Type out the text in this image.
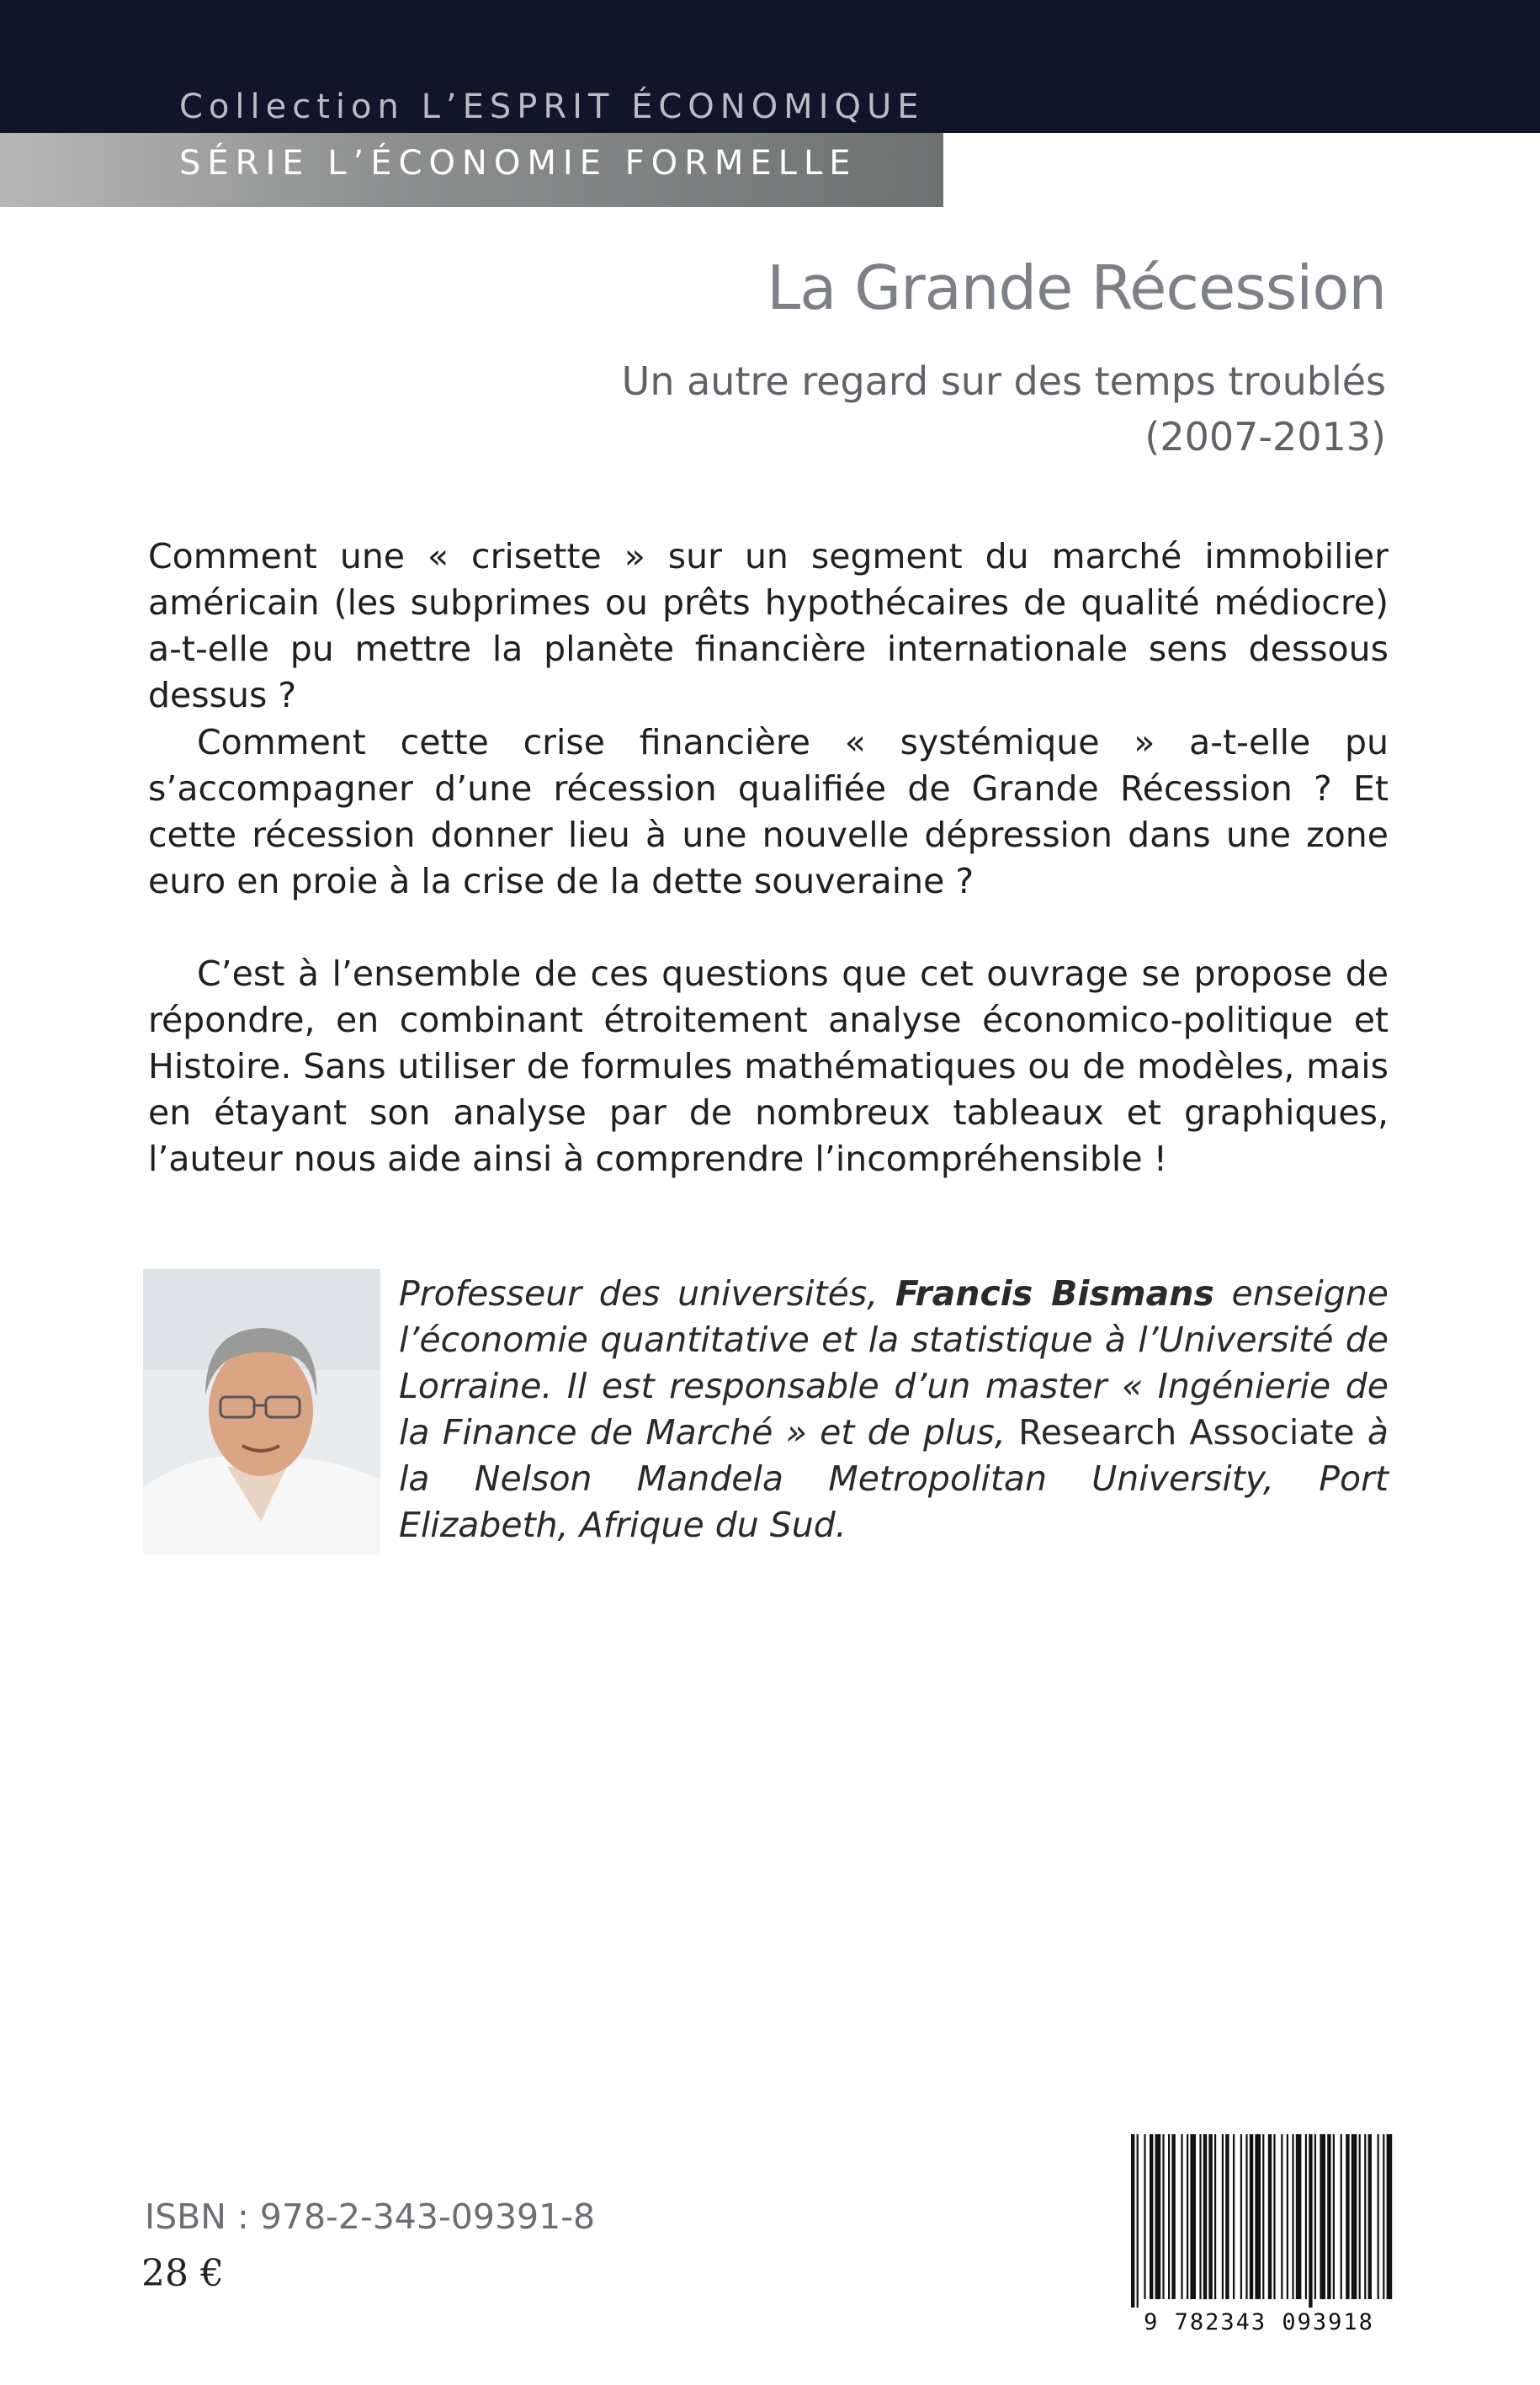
Collection L’ESPRIT ÉCONOMIQUE
SÉRIE L’ÉCONOMIE FORMELLE
La Grande Récession
Un autre regard sur des temps troublés
(2007-2013)
Comment une « crisette » sur un segment du marché immobilier américain (les subprimes ou prêts hypothécaires de qualité médiocre) a-t-elle pu mettre la planète financière internationale sens dessous dessus ?
Comment cette crise financière « systémique » a-t-elle pu s’accompagner d’une récession qualifiée de Grande Récession ? Et cette récession donner lieu à une nouvelle dépression dans une zone euro en proie à la crise de la dette souveraine ?
C’est à l’ensemble de ces questions que cet ouvrage se propose de répondre, en combinant étroitement analyse économico-politique et Histoire. Sans utiliser de formules mathématiques ou de modèles, mais en étayant son analyse par de nombreux tableaux et graphiques, l’auteur nous aide ainsi à comprendre l’incompréhensible !
Professeur des universités, Francis Bismans enseigne l’économie quantitative et la statistique à l’Université de Lorraine. Il est responsable d’un master « Ingénierie de la Finance de Marché » et de plus, Research Associate à la Nelson Mandela Metropolitan University, Port Elizabeth, Afrique du Sud.
ISBN : 978-2-343-09391-8
28 €
9 782343 093918
